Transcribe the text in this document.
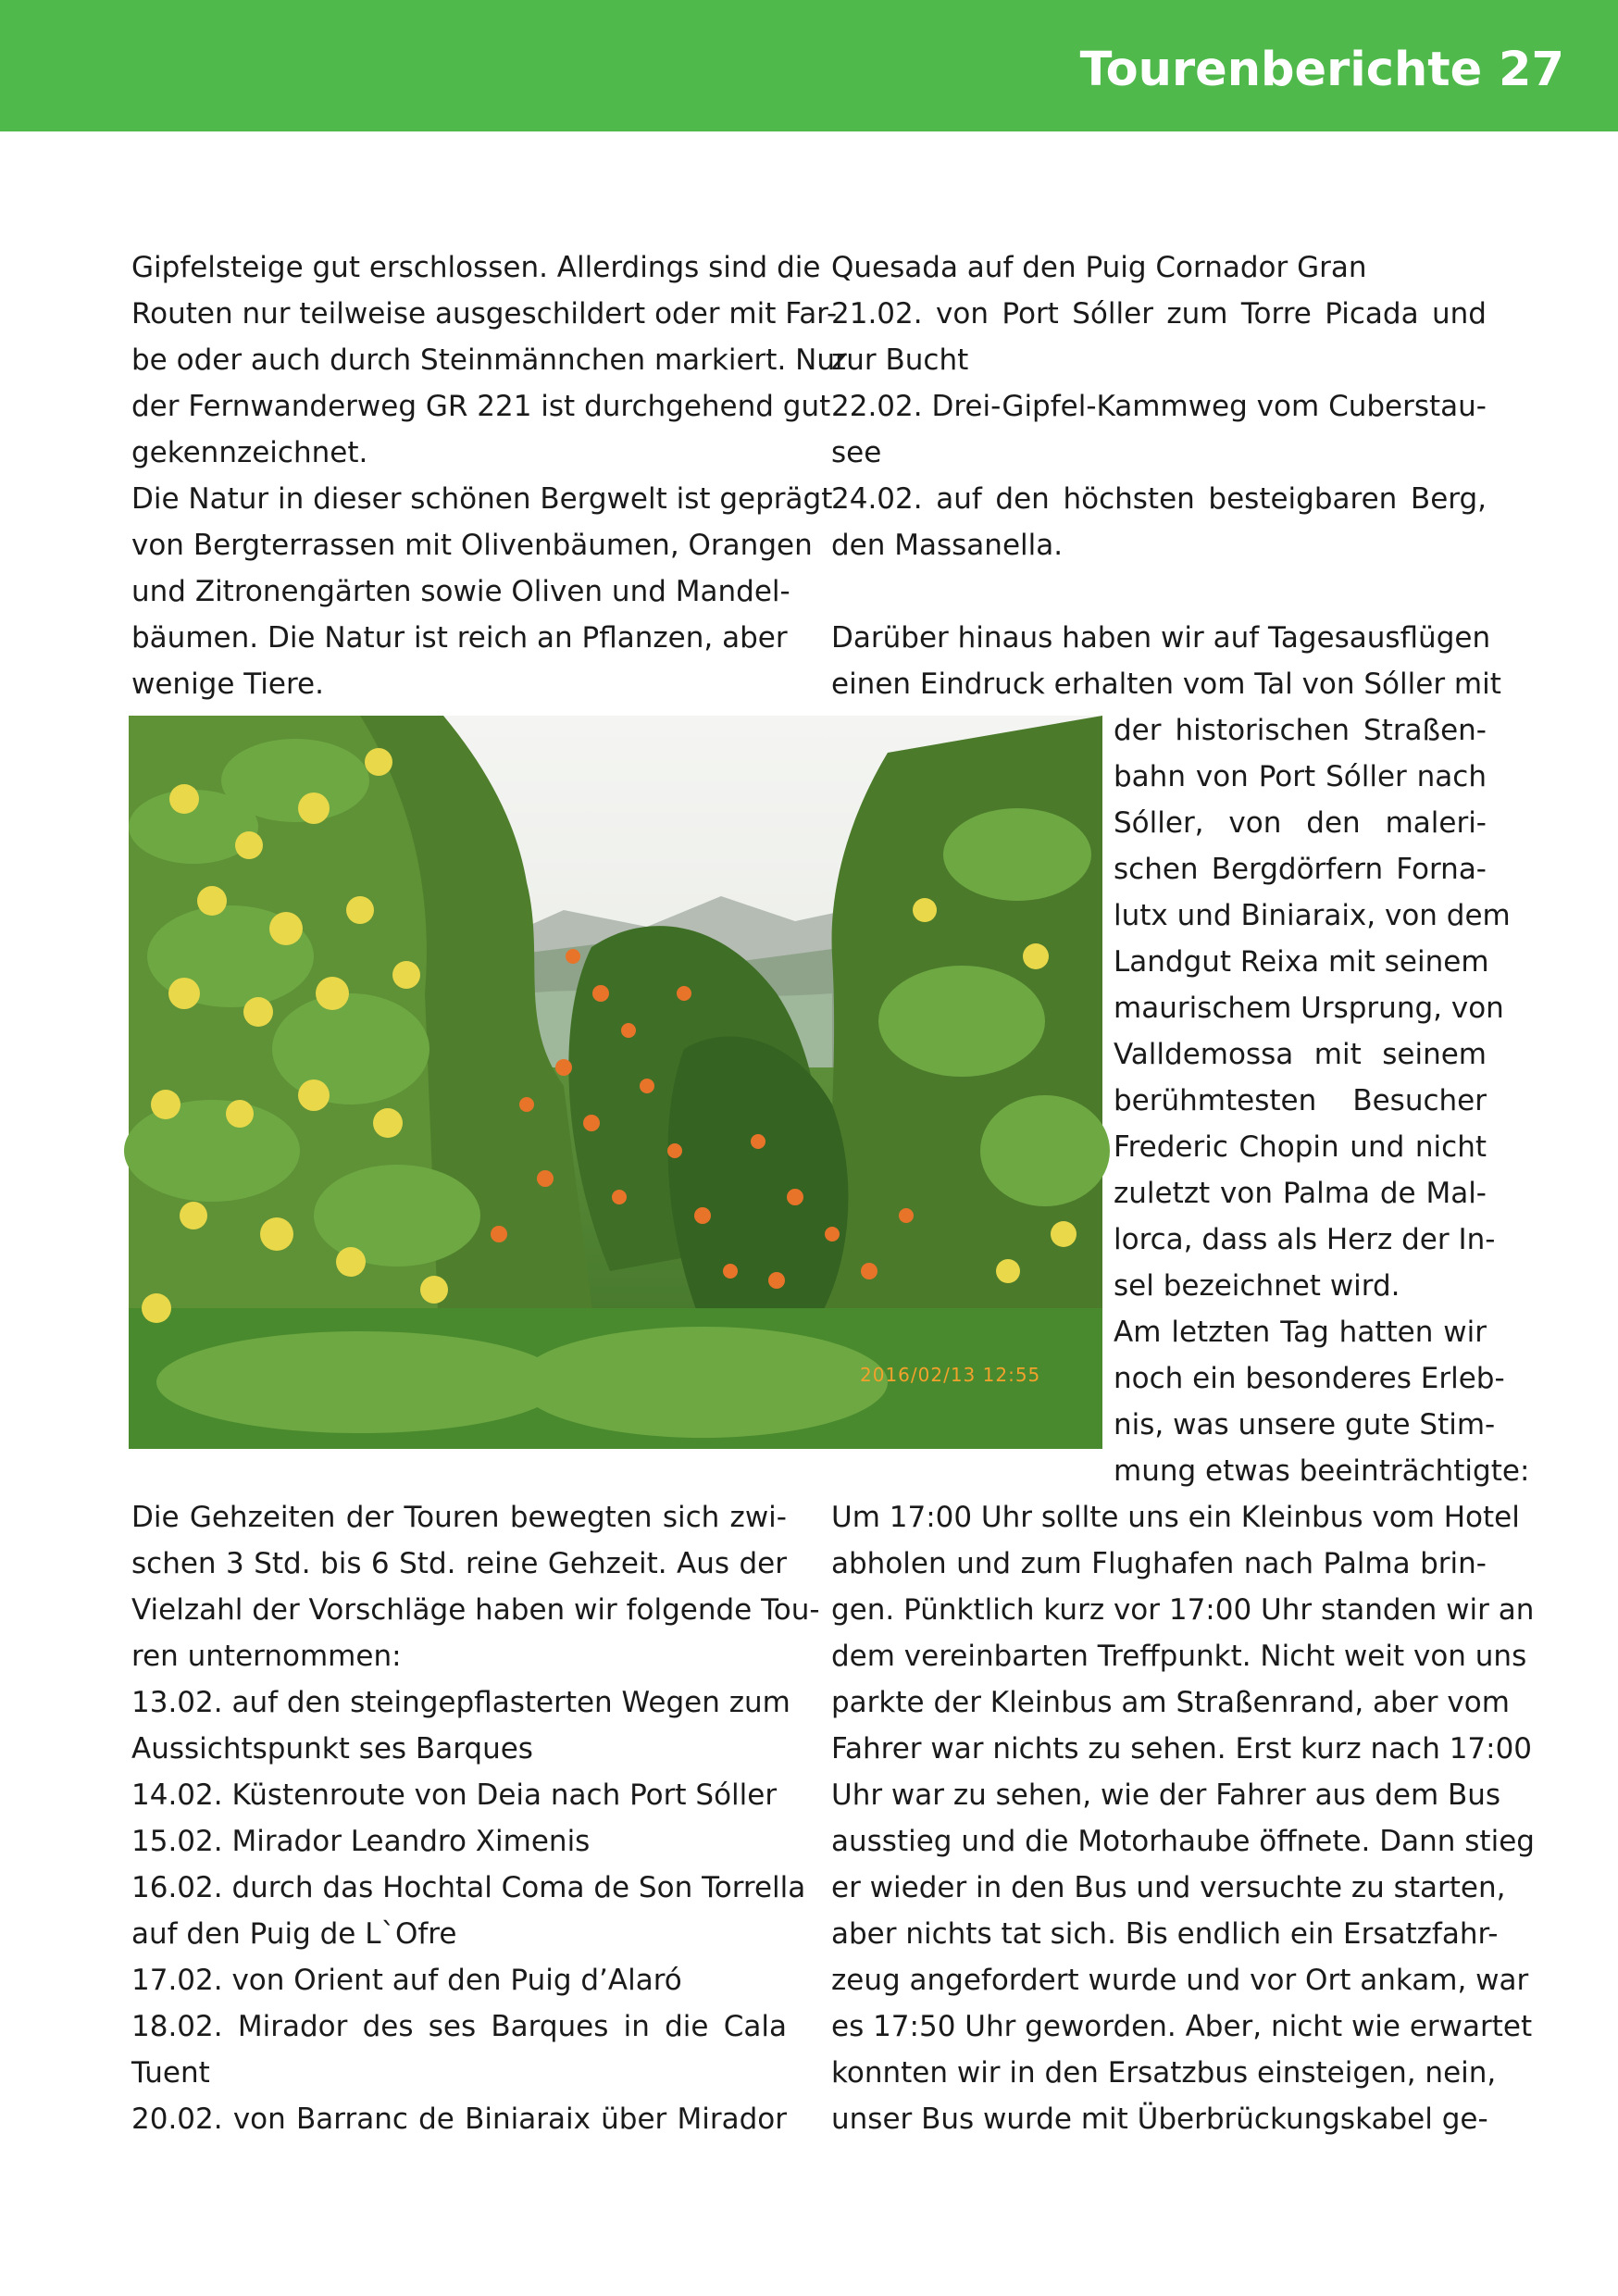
Tourenberichte 27
Gipfelsteige gut erschlossen. Allerdings sind die
Routen nur teilweise ausgeschildert oder mit Far-
be oder auch durch Steinmännchen markiert. Nur
der Fernwanderweg GR 221 ist durchgehend gut
gekennzeichnet.
Die Natur in dieser schönen Bergwelt ist geprägt
von Bergterrassen mit Olivenbäumen, Orangen
und Zitronengärten sowie Oliven und Mandel-
bäumen. Die Natur ist reich an Pflanzen, aber
wenige Tiere.
2016/02/13 12:55
Die Gehzeiten der Touren bewegten sich zwi-
schen 3 Std. bis 6 Std. reine Gehzeit. Aus der
Vielzahl der Vorschläge haben wir folgende Tou-
ren unternommen:
13.02. auf den steingepflasterten Wegen zum
Aussichtspunkt ses Barques
14.02. Küstenroute von Deia nach Port Sóller
15.02. Mirador Leandro Ximenis
16.02. durch das Hochtal Coma de Son Torrella
auf den Puig de L`Ofre
17.02. von Orient auf den Puig d’Alaró
18.02. Mirador des ses Barques in die Cala
Tuent
20.02. von Barranc de Biniaraix über Mirador
Quesada auf den Puig Cornador Gran
21.02. von Port Sóller zum Torre Picada und
zur Bucht
22.02. Drei-Gipfel-Kammweg vom Cuberstau-
see
24.02. auf den höchsten besteigbaren Berg,
den Massanella.
Darüber hinaus haben wir auf Tagesausflügen
einen Eindruck erhalten vom Tal von Sóller mit
der historischen Straßen-
bahn von Port Sóller nach
Sóller, von den maleri-
schen Bergdörfern Forna-
lutx und Biniaraix, von dem
Landgut Reixa mit seinem
maurischem Ursprung, von
Valldemossa mit seinem
berühmtesten Besucher
Frederic Chopin und nicht
zuletzt von Palma de Mal-
lorca, dass als Herz der In-
sel bezeichnet wird.
Am letzten Tag hatten wir
noch ein besonderes Erleb-
nis, was unsere gute Stim-
mung etwas beeinträchtigte:
Um 17:00 Uhr sollte uns ein Kleinbus vom Hotel
abholen und zum Flughafen nach Palma brin-
gen. Pünktlich kurz vor 17:00 Uhr standen wir an
dem vereinbarten Treffpunkt. Nicht weit von uns
parkte der Kleinbus am Straßenrand, aber vom
Fahrer war nichts zu sehen. Erst kurz nach 17:00
Uhr war zu sehen, wie der Fahrer aus dem Bus
ausstieg und die Motorhaube öffnete. Dann stieg
er wieder in den Bus und versuchte zu starten,
aber nichts tat sich. Bis endlich ein Ersatzfahr-
zeug angefordert wurde und vor Ort ankam, war
es 17:50 Uhr geworden. Aber, nicht wie erwartet
konnten wir in den Ersatzbus einsteigen, nein,
unser Bus wurde mit Überbrückungskabel ge-
